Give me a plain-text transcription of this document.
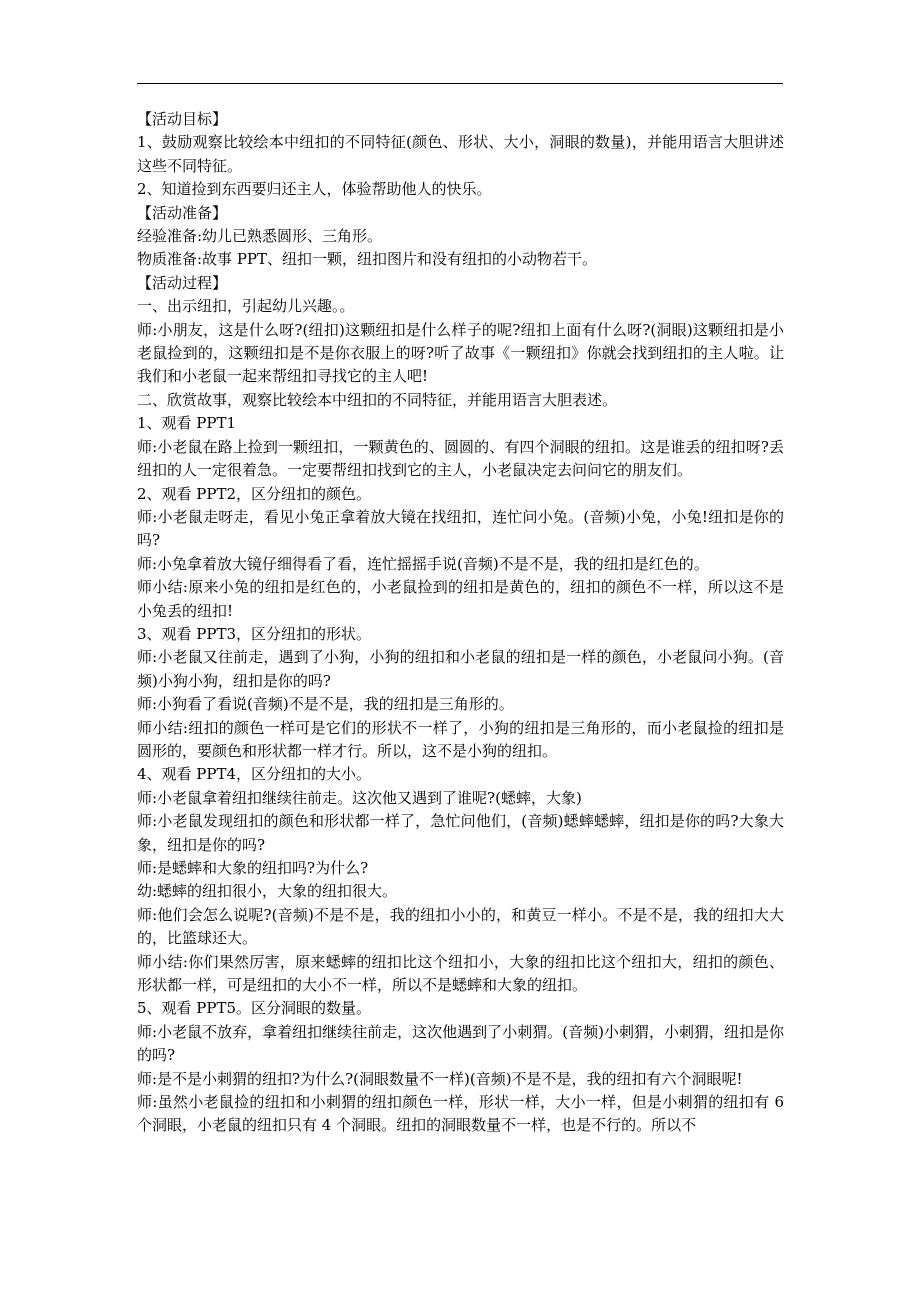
【活动目标】

1、鼓励观察比较绘本中纽扣的不同特征(颜色、形状、大小，洞眼的数量)，并能用语言大胆讲述这些不同特征。

2、知道捡到东西要归还主人，体验帮助他人的快乐。

【活动准备】

经验准备:幼儿已熟悉圆形、三角形。

物质准备:故事 PPT、纽扣一颗，纽扣图片和没有纽扣的小动物若干。

【活动过程】

一、出示纽扣，引起幼儿兴趣。。

师:小朋友，这是什么呀?(纽扣)这颗纽扣是什么样子的呢?纽扣上面有什么呀?(洞眼)这颗纽扣是小老鼠捡到的，这颗纽扣是不是你衣服上的呀?听了故事《一颗纽扣》你就会找到纽扣的主人啦。让我们和小老鼠一起来帮纽扣寻找它的主人吧!

二、欣赏故事，观察比较绘本中纽扣的不同特征，并能用语言大胆表述。

1、观看 PPT1

师:小老鼠在路上捡到一颗纽扣，一颗黄色的、圆圆的、有四个洞眼的纽扣。这是谁丢的纽扣呀?丢纽扣的人一定很着急。一定要帮纽扣找到它的主人，小老鼠决定去问问它的朋友们。

2、观看 PPT2，区分纽扣的颜色。

师:小老鼠走呀走，看见小兔正拿着放大镜在找纽扣，连忙问小兔。(音频)小兔，小兔!纽扣是你的吗?

师:小兔拿着放大镜仔细得看了看，连忙摇摇手说(音频)不是不是，我的纽扣是红色的。

师小结:原来小兔的纽扣是红色的，小老鼠捡到的纽扣是黄色的，纽扣的颜色不一样，所以这不是小兔丢的纽扣!

3、观看 PPT3，区分纽扣的形状。

师:小老鼠又往前走，遇到了小狗，小狗的纽扣和小老鼠的纽扣是一样的颜色，小老鼠问小狗。(音频)小狗小狗，纽扣是你的吗?

师:小狗看了看说(音频)不是不是，我的纽扣是三角形的。

师小结:纽扣的颜色一样可是它们的形状不一样了，小狗的纽扣是三角形的，而小老鼠捡的纽扣是圆形的，要颜色和形状都一样才行。所以，这不是小狗的纽扣。

4、观看 PPT4，区分纽扣的大小。

师:小老鼠拿着纽扣继续往前走。这次他又遇到了谁呢?(蟋蟀，大象)

师:小老鼠发现纽扣的颜色和形状都一样了，急忙问他们，(音频)蟋蟀蟋蟀，纽扣是你的吗?大象大象，纽扣是你的吗?

师:是蟋蟀和大象的纽扣吗?为什么?

幼:蟋蟀的纽扣很小，大象的纽扣很大。

师:他们会怎么说呢?(音频)不是不是，我的纽扣小小的，和黄豆一样小。不是不是，我的纽扣大大的，比篮球还大。

师小结:你们果然厉害，原来蟋蟀的纽扣比这个纽扣小，大象的纽扣比这个纽扣大，纽扣的颜色、形状都一样，可是纽扣的大小不一样，所以不是蟋蟀和大象的纽扣。

5、观看 PPT5。区分洞眼的数量。

师:小老鼠不放弃，拿着纽扣继续往前走，这次他遇到了小刺猬。(音频)小刺猬，小刺猬，纽扣是你的吗?

师:是不是小刺猬的纽扣?为什么?(洞眼数量不一样)(音频)不是不是，我的纽扣有六个洞眼呢!

师:虽然小老鼠捡的纽扣和小刺猬的纽扣颜色一样，形状一样，大小一样，但是小刺猬的纽扣有 6 个洞眼，小老鼠的纽扣只有 4 个洞眼。纽扣的洞眼数量不一样，也是不行的。所以不
